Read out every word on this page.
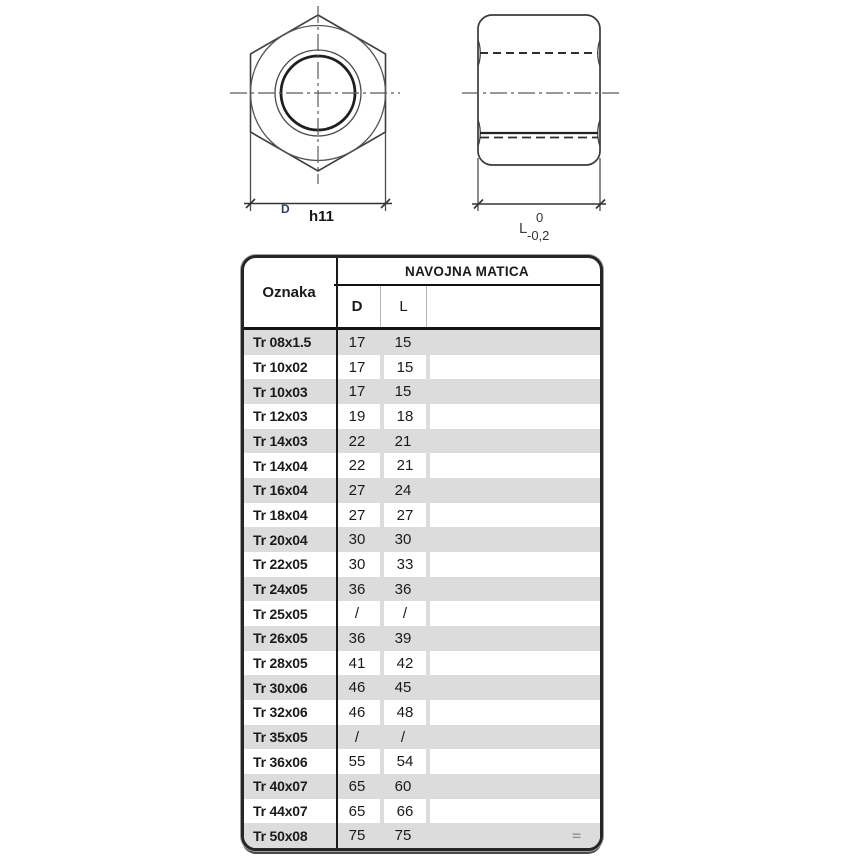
D h11
L
0
-0,2
Oznaka
NAVOJNA MATICA
D	L
Tr 08x1.5	17	15
Tr 10x02	17	15
Tr 10x03	17	15
Tr 12x03	19	18
Tr 14x03	22	21
Tr 14x04	22	21
Tr 16x04	27	24
Tr 18x04	27	27
Tr 20x04	30	30
Tr 22x05	30	33
Tr 24x05	36	36
Tr 25x05	/	/
Tr 26x05	36	39
Tr 28x05	41	42
Tr 30x06	46	45
Tr 32x06	46	48
Tr 35x05	/	/
Tr 36x06	55	54
Tr 40x07	65	60
Tr 44x07	65	66
Tr 50x08	75	75	=
